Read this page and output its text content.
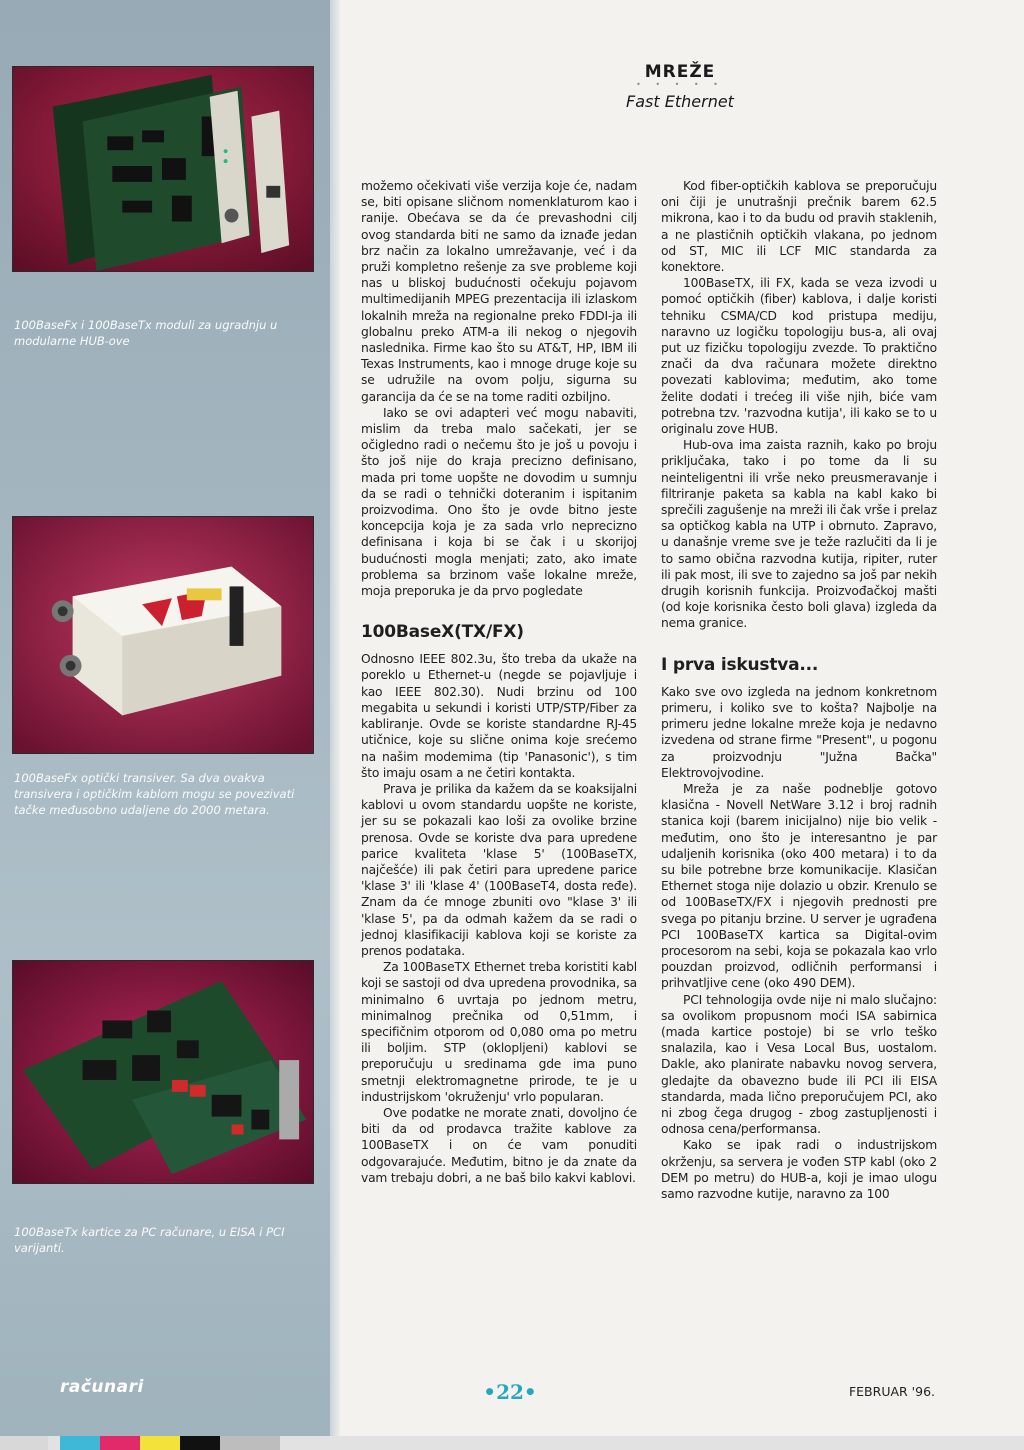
100BaseFx i 100BaseTx moduli za ugradnju u modularne HUB-ove
100BaseFx optički transiver. Sa dva ovakva transivera i optičkim kablom mogu se povezivati tačke međusobno udaljene do 2000 metara.
100BaseTx kartice za PC računare, u EISA i PCI varijanti.
računari
MREŽE
• • • • •
Fast Ethernet

možemo očekivati više verzija koje će, nadam se, biti opisane sličnom nomenklaturom kao i ranije. Obećava se da će prevashodni cilj ovog standarda biti ne samo da iznađe jedan brz način za lokalno umrežavanje, već i da pruži kompletno rešenje za sve probleme koji nas u bliskoj budućnosti očekuju pojavom multimedijanih MPEG prezentacija ili izlaskom lokalnih mreža na regionalne preko FDDI-ja ili globalnu preko ATM-a ili nekog o njegovih naslednika. Firme kao što su AT&T, HP, IBM ili Texas Instruments, kao i mnoge druge koje su se udružile na ovom polju, sigurna su garancija da će se na tome raditi ozbiljno.

Iako se ovi adapteri već mogu nabaviti, mislim da treba malo sačekati, jer se očigledno radi o nečemu što je još u povoju i što još nije do kraja precizno definisano, mada pri tome uopšte ne dovodim u sumnju da se radi o tehnički doteranim i ispitanim proizvodima. Ono što je ovde bitno jeste koncepcija koja je za sada vrlo neprecizno definisana i koja bi se čak i u skorijoj budućnosti mogla menjati; zato, ako imate problema sa brzinom vaše lokalne mreže, moja preporuka je da prvo pogledate

100BaseX(TX/FX)

Odnosno IEEE 802.3u, što treba da ukaže na poreklo u Ethernet-u (negde se pojavljuje i kao IEEE 802.30). Nudi brzinu od 100 megabita u sekundi i koristi UTP/STP/Fiber za kabliranje. Ovde se koriste standardne RJ-45 utičnice, koje su slične onima koje srećemo na našim modemima (tip 'Panasonic'), s tim što imaju osam a ne četiri kontakta.

Prava je prilika da kažem da se koaksijalni kablovi u ovom standardu uopšte ne koriste, jer su se pokazali kao loši za ovolike brzine prenosa. Ovde se koriste dva para upredene parice kvaliteta 'klase 5' (100BaseTX, najčešće) ili pak četiri para upredene parice 'klase 3' ili 'klase 4' (100BaseT4, dosta ređe). Znam da će mnoge zbuniti ovo "klase 3' ili 'klase 5', pa da odmah kažem da se radi o jednoj klasifikaciji kablova koji se koriste za prenos podataka.

Za 100BaseTX Ethernet treba koristiti kabl koji se sastoji od dva upredena provodnika, sa minimalno 6 uvrtaja po jednom metru, minimalnog prečnika od 0,51mm, i specifičnim otporom od 0,080 oma po metru ili boljim. STP (oklopljeni) kablovi se preporučuju u sredinama gde ima puno smetnji elektromagnetne prirode, te je u industrijskom 'okruženju' vrlo popularan.

Ove podatke ne morate znati, dovoljno će biti da od prodavca tražite kablove za 100BaseTX i on će vam ponuditi odgovarajuće. Međutim, bitno je da znate da vam trebaju dobri, a ne baš bilo kakvi kablovi.

Kod fiber-optičkih kablova se preporučuju oni čiji je unutrašnji prečnik barem 62.5 mikrona, kao i to da budu od pravih staklenih, a ne plastičnih optičkih vlakana, po jednom od ST, MIC ili LCF MIC standarda za konektore.

100BaseTX, ili FX, kada se veza izvodi u pomoć optičkih (fiber) kablova, i dalje koristi tehniku CSMA/CD kod pristupa mediju, naravno uz logičku topologiju bus-a, ali ovaj put uz fizičku topologiju zvezde. To praktično znači da dva računara možete direktno povezati kablovima; međutim, ako tome želite dodati i trećeg ili više njih, biće vam potrebna tzv. 'razvodna kutija', ili kako se to u originalu zove HUB.

Hub-ova ima zaista raznih, kako po broju priključaka, tako i po tome da li su neinteligentni ili vrše neko preusmeravanje i filtriranje paketa sa kabla na kabl kako bi sprečili zagušenje na mreži ili čak vrše i prelaz sa optičkog kabla na UTP i obrnuto. Zapravo, u današnje vreme sve je teže razlučiti da li je to samo obična razvodna kutija, ripiter, ruter ili pak most, ili sve to zajedno sa još par nekih drugih korisnih funkcija. Proizvođačkoj mašti (od koje korisnika često boli glava) izgleda da nema granice.

I prva iskustva...

Kako sve ovo izgleda na jednom konkretnom primeru, i koliko sve to košta? Najbolje na primeru jedne lokalne mreže koja je nedavno izvedena od strane firme "Present", u pogonu za proizvodnju "Južna Bačka" Elektrovojvodine.

Mreža je za naše podneblje gotovo klasična - Novell NetWare 3.12 i broj radnih stanica koji (barem inicijalno) nije bio velik - međutim, ono što je interesantno je par udaljenih korisnika (oko 400 metara) i to da su bile potrebne brze komunikacije. Klasičan Ethernet stoga nije dolazio u obzir. Krenulo se od 100BaseTX/FX i njegovih prednosti pre svega po pitanju brzine. U server je ugrađena PCI 100BaseTX kartica sa Digital-ovim procesorom na sebi, koja se pokazala kao vrlo pouzdan proizvod, odličnih performansi i prihvatljive cene (oko 490 DEM).

PCI tehnologija ovde nije ni malo slučajno: sa ovolikom propusnom moći ISA sabirnica (mada kartice postoje) bi se vrlo teško snalazila, kao i Vesa Local Bus, uostalom. Dakle, ako planirate nabavku novog servera, gledajte da obavezno bude ili PCI ili EISA standarda, mada lično preporučujem PCI, ako ni zbog čega drugog - zbog zastupljenosti i odnosa cena/performansa.

Kako se ipak radi o industrijskom okrženju, sa servera je vođen STP kabl (oko 2 DEM po metru) do HUB-a, koji je imao ulogu samo razvodne kutije, naravno za 100

•22•	FEBRUAR '96.
